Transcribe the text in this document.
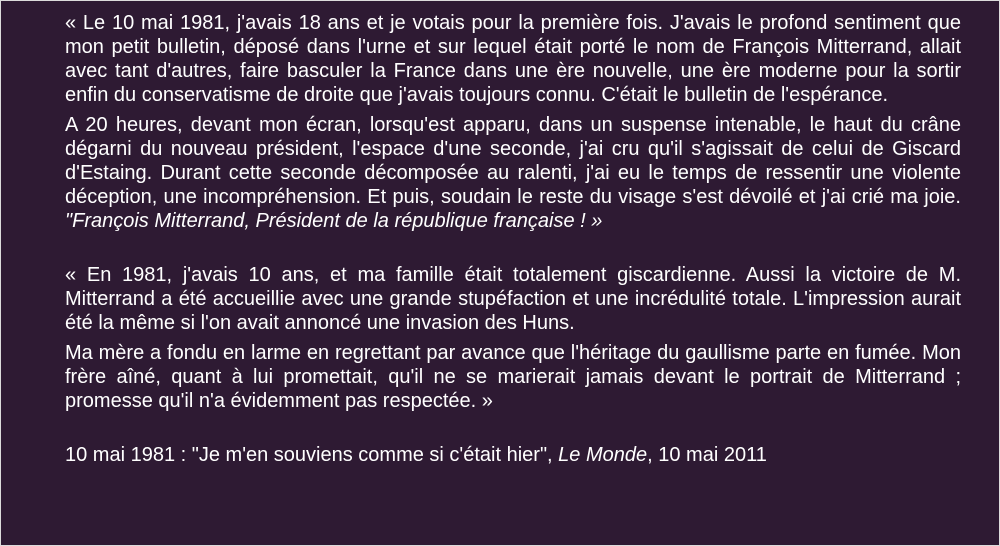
« Le 10 mai 1981, j'avais 18 ans et je votais pour la première fois. J'avais le profond sentiment que mon petit bulletin, déposé dans l'urne et sur lequel était porté le nom de François Mitterrand, allait avec tant d'autres, faire basculer la France dans une ère nouvelle, une ère moderne pour la sortir enfin du conservatisme de droite que j'avais toujours connu. C'était le bulletin de l'espérance.

A 20 heures, devant mon écran, lorsqu'est apparu, dans un suspense intenable, le haut du crâne dégarni du nouveau président, l'espace d'une seconde, j'ai cru qu'il s'agissait de celui de Giscard d'Estaing. Durant cette seconde décomposée au ralenti, j'ai eu le temps de ressentir une violente déception, une incompréhension. Et puis, soudain le reste du visage s'est dévoilé et j'ai crié ma joie. "François Mitterrand, Président de la république française ! »

« En 1981, j'avais 10 ans, et ma famille était totalement giscardienne. Aussi la victoire de M. Mitterrand a été accueillie avec une grande stupéfaction et une incrédulité totale. L'impression aurait été la même si l'on avait annoncé une invasion des Huns.

Ma mère a fondu en larme en regrettant par avance que l'héritage du gaullisme parte en fumée. Mon frère aîné, quant à lui promettait, qu'il ne se marierait jamais devant le portrait de Mitterrand ; promesse qu'il n'a évidemment pas respectée. »

10 mai 1981 : "Je m'en souviens comme si c'était hier", Le Monde, 10 mai 2011
